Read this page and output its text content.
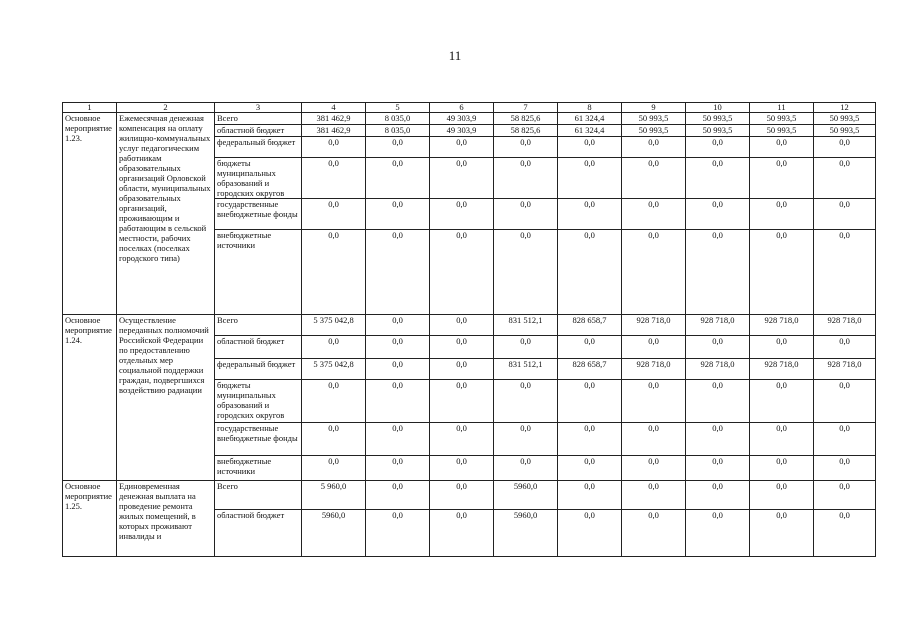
11
1	2	3	4	5	6	7	8	9	10	11	12
Основное мероприятие 1.23.	Ежемесячная денежная компенсация на оплату жилищно-коммунальных услуг педагогическим работникам образовательных организаций Орловской области, муниципальных образовательных организаций, проживающим и работающим в сельской местности, рабочих поселках (поселках городского типа)	Всего	381 462,9	8 035,0	49 303,9	58 825,6	61 324,4	50 993,5	50 993,5	50 993,5	50 993,5
		областной бюджет	381 462,9	8 035,0	49 303,9	58 825,6	61 324,4	50 993,5	50 993,5	50 993,5	50 993,5
		федеральный бюджет	0,0	0,0	0,0	0,0	0,0	0,0	0,0	0,0	0,0
		бюджеты муниципальных образований и городских округов	0,0	0,0	0,0	0,0	0,0	0,0	0,0	0,0	0,0
		государственные внебюджетные фонды	0,0	0,0	0,0	0,0	0,0	0,0	0,0	0,0	0,0
		внебюджетные источники	0,0	0,0	0,0	0,0	0,0	0,0	0,0	0,0	0,0
Основное мероприятие 1.24.	Осуществление переданных полномочий Российской Федерации по предоставлению отдельных мер социальной поддержки граждан, подвергшихся воздействию радиации	Всего	5 375 042,8	0,0	0,0	831 512,1	828 658,7	928 718,0	928 718,0	928 718,0	928 718,0
		областной бюджет	0,0	0,0	0,0	0,0	0,0	0,0	0,0	0,0	0,0
		федеральный бюджет	5 375 042,8	0,0	0,0	831 512,1	828 658,7	928 718,0	928 718,0	928 718,0	928 718,0
		бюджеты муниципальных образований и городских округов	0,0	0,0	0,0	0,0	0,0	0,0	0,0	0,0	0,0
		государственные внебюджетные фонды	0,0	0,0	0,0	0,0	0,0	0,0	0,0	0,0	0,0
		внебюджетные источники	0,0	0,0	0,0	0,0	0,0	0,0	0,0	0,0	0,0
Основное мероприятие 1.25.	Единовременная денежная выплата на проведение ремонта жилых помещений, в которых проживают инвалиды и	Всего	5 960,0	0,0	0,0	5960,0	0,0	0,0	0,0	0,0	0,0
		областной бюджет	5960,0	0,0	0,0	5960,0	0,0	0,0	0,0	0,0	0,0
